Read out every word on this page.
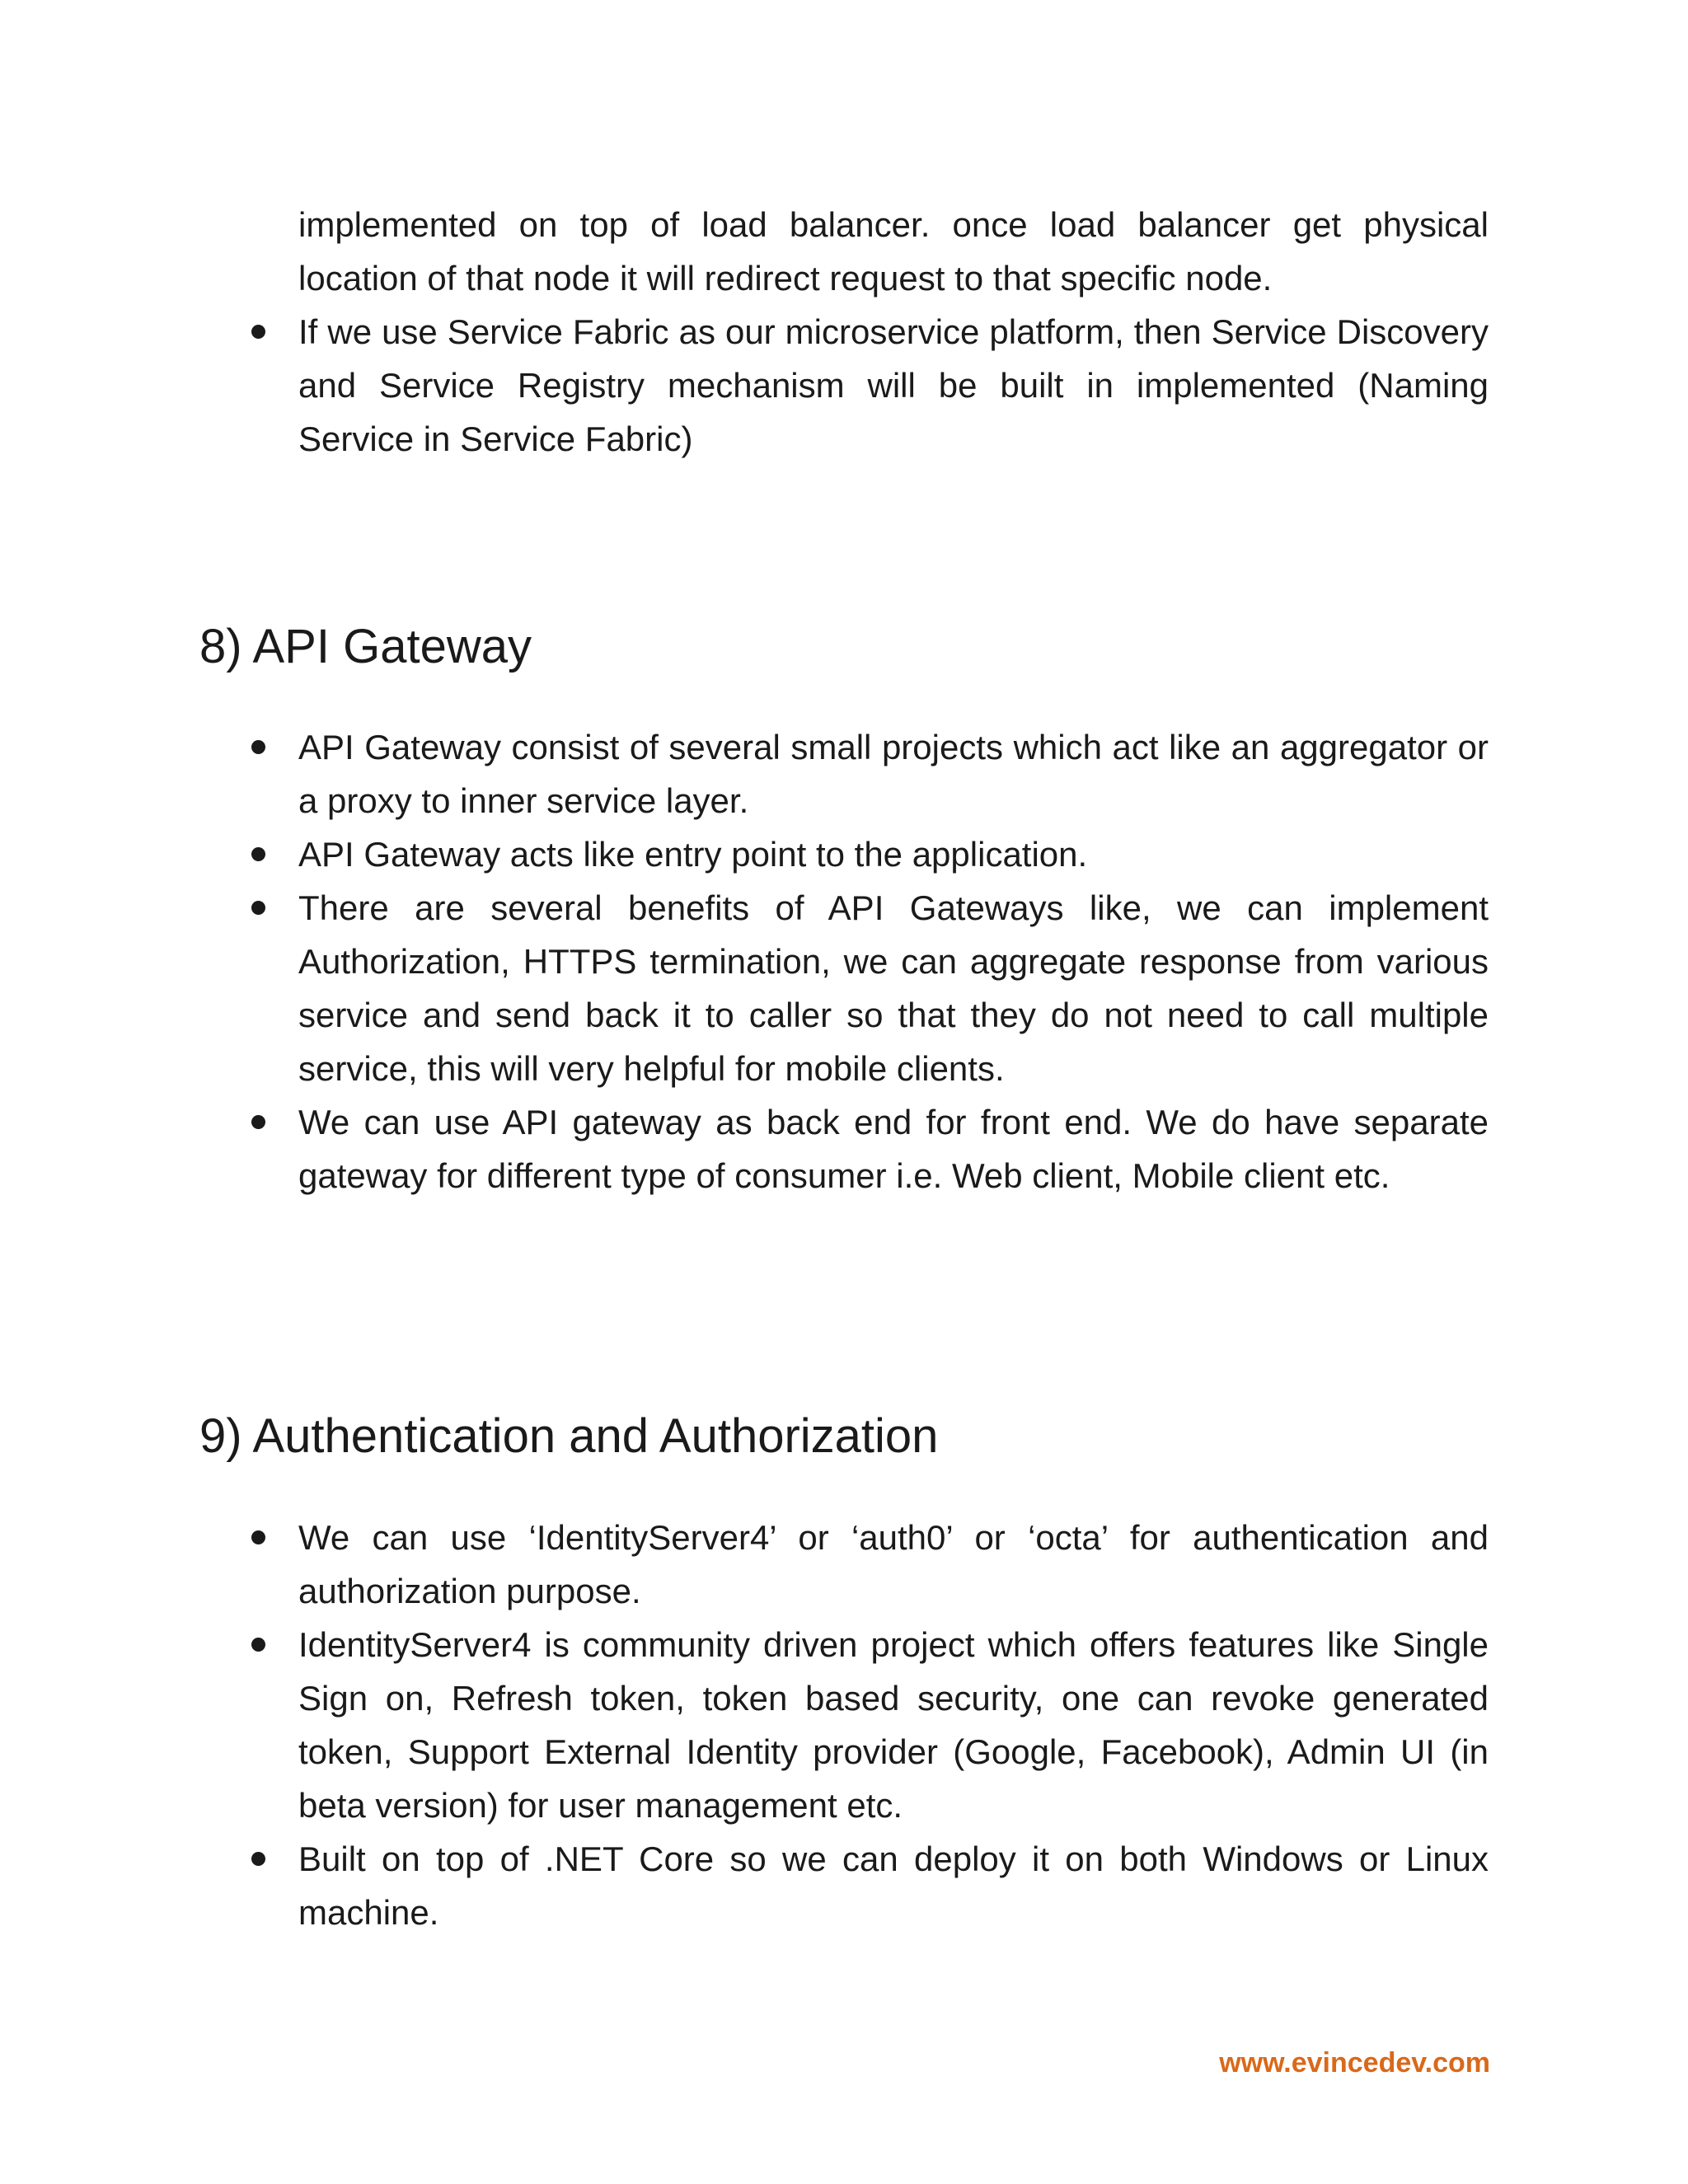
implemented on top of load balancer. once load balancer get physical location of that node it will redirect request to that specific node.

If we use Service Fabric as our microservice platform, then Service Discovery and Service Registry mechanism will be built in implemented (Naming Service in Service Fabric)
8) API Gateway
API Gateway consist of several small projects which act like an aggregator or a proxy to inner service layer.
API Gateway acts like entry point to the application.
There are several benefits of API Gateways like, we can implement Authorization, HTTPS termination, we can aggregate response from various service and send back it to caller so that they do not need to call multiple service, this will very helpful for mobile clients.
We can use API gateway as back end for front end. We do have separate gateway for different type of consumer i.e. Web client, Mobile client etc.
9) Authentication and Authorization
We can use ‘IdentityServer4’ or ‘auth0’ or ‘octa’ for authentication and authorization purpose.
IdentityServer4 is community driven project which offers features like Single Sign on, Refresh token, token based security, one can revoke generated token, Support External Identity provider (Google, Facebook), Admin UI (in beta version) for user management etc.
Built on top of .NET Core so we can deploy it on both Windows or Linux machine.
www.evincedev.com
